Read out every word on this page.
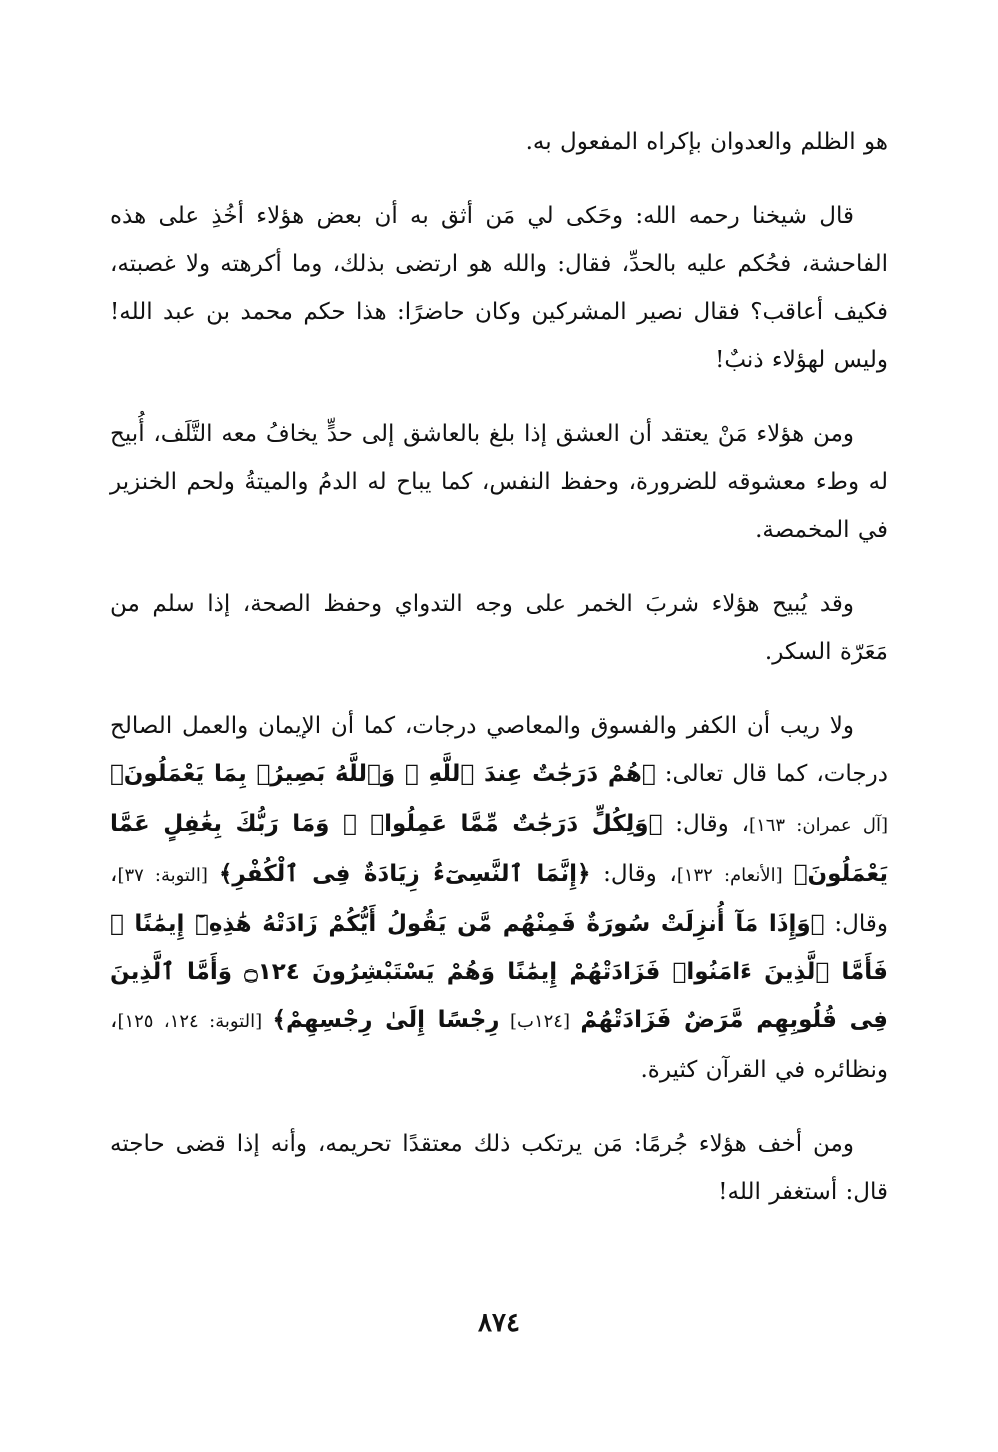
هو الظلم والعدوان بإكراه المفعول به.

قال شيخنا رحمه الله: وحَكى لي مَن أثق به أن بعض هؤلاء أخُذِ على هذه الفاحشة، فحُكم عليه بالحدِّ، فقال: والله هو ارتضى بذلك، وما أكرهته ولا غصبته، فكيف أعاقب؟ فقال نصير المشركين وكان حاضرًا: هذا حكم محمد بن عبد الله! وليس لهؤلاء ذنبٌ!

ومن هؤلاء مَنْ يعتقد أن العشق إذا بلغ بالعاشق إلى حدٍّ يخافُ معه التَّلَف، أُبيح له وطء معشوقه للضرورة، وحفظ النفس، كما يباح له الدمُ والميتةُ ولحم الخنزير في المخمصة.

وقد يُبيح هؤلاء شربَ الخمر على وجه التدواي وحفظ الصحة، إذا سلم من مَعَرّة السكر.

ولا ريب أن الكفر والفسوق والمعاصي درجات، كما أن الإيمان والعمل الصالح درجات، كما قال تعالى: ﴿هُمْ دَرَجَٰتٌ عِندَ ٱللَّهِ ۗ وَٱللَّهُ بَصِيرُۢ بِمَا يَعْمَلُونَ﴾ [آل عمران: ١٦٣]، وقال: ﴿وَلِكُلٍّ دَرَجَٰتٌ مِّمَّا عَمِلُوا۟ ۚ وَمَا رَبُّكَ بِغَٰفِلٍ عَمَّا يَعْمَلُونَ﴾ [الأنعام: ١٣٢]، وقال: ﴿إِنَّمَا ٱلنَّسِىٓءُ زِيَادَةٌ فِى ٱلْكُفْرِ﴾ [التوبة: ٣٧]، وقال: ﴿وَإِذَا مَآ أُنزِلَتْ سُورَةٌ فَمِنْهُم مَّن يَقُولُ أَيُّكُمْ زَادَتْهُ هَٰذِهِۦٓ إِيمَٰنًا ۚ فَأَمَّا ٱلَّذِينَ ءَامَنُوا۟ فَزَادَتْهُمْ إِيمَٰنًا وَهُمْ يَسْتَبْشِرُونَ ۝١٢٤ وَأَمَّا ٱلَّذِينَ فِى قُلُوبِهِم مَّرَضٌ فَزَادَتْهُمْ [١٢٤ب] رِجْسًا إِلَىٰ رِجْسِهِمْ﴾ [التوبة: ١٢٤، ١٢٥]، ونظائره في القرآن كثيرة.

ومن أخف هؤلاء جُرمًا: مَن يرتكب ذلك معتقدًا تحريمه، وأنه إذا قضى حاجته قال: أستغفر الله!

٨٧٤
